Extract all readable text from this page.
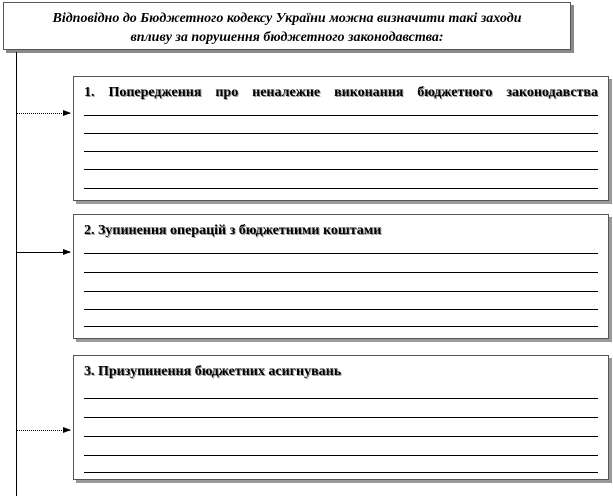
Відповідно до Бюджетного кодексу України можна визначити такі заходи
впливу за порушення бюджетного законодавства:
1. Попередження про неналежне виконання бюджетного законодавства
2. Зупинення операцій з бюджетними коштами
3. Призупинення бюджетних асигнувань
